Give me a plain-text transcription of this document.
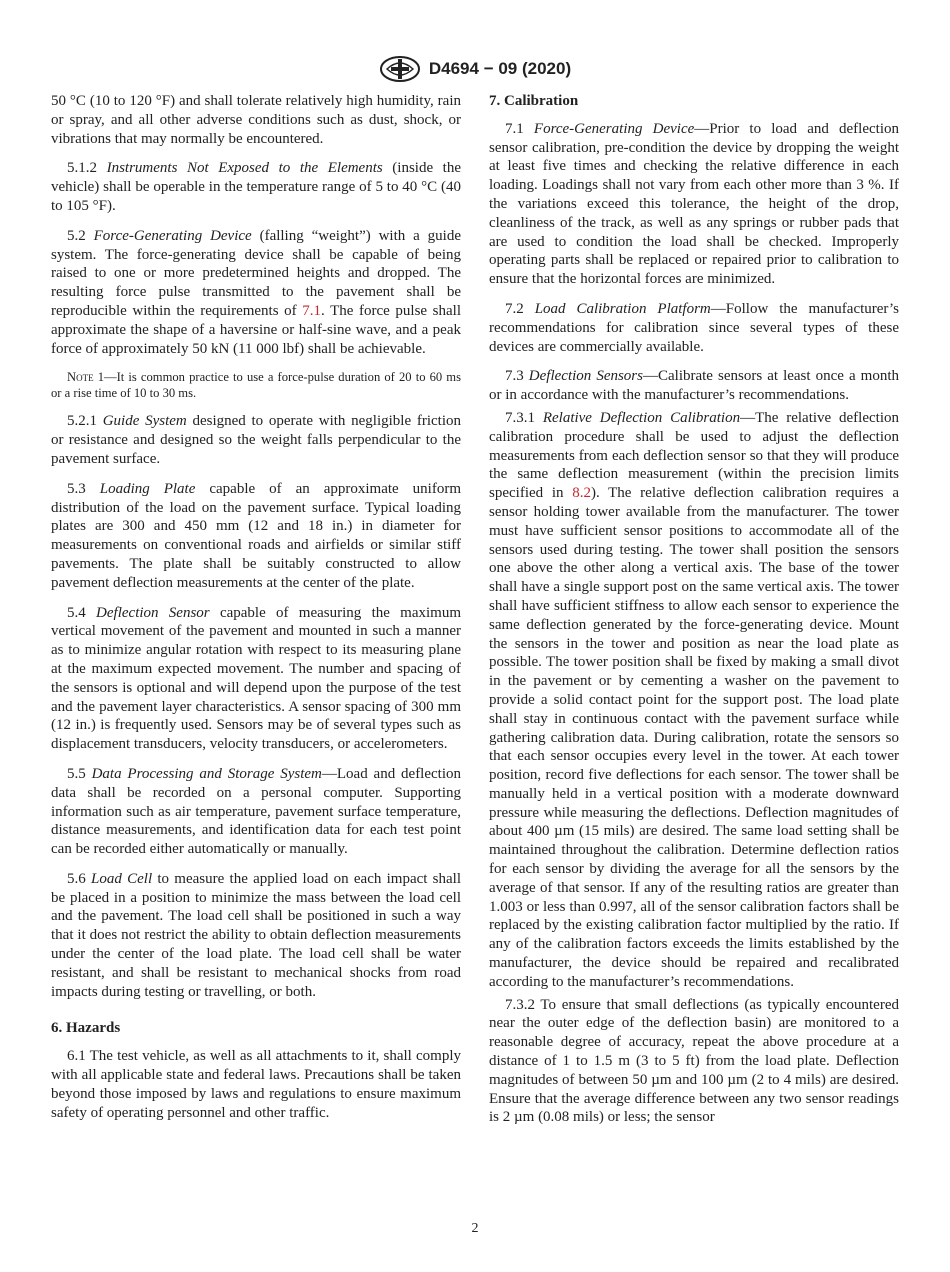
D4694 − 09 (2020)

50 °C (10 to 120 °F) and shall tolerate relatively high humidity, rain or spray, and all other adverse conditions such as dust, shock, or vibrations that may normally be encountered.

5.1.2 Instruments Not Exposed to the Elements (inside the vehicle) shall be operable in the temperature range of 5 to 40 °C (40 to 105 °F).

5.2 Force-Generating Device (falling “weight”) with a guide system. The force-generating device shall be capable of being raised to one or more predetermined heights and dropped. The resulting force pulse transmitted to the pavement shall be reproducible within the requirements of 7.1. The force pulse shall approximate the shape of a haversine or half-sine wave, and a peak force of approximately 50 kN (11 000 lbf) shall be achievable.

Note 1—It is common practice to use a force-pulse duration of 20 to 60 ms or a rise time of 10 to 30 ms.

5.2.1 Guide System designed to operate with negligible friction or resistance and designed so the weight falls perpendicular to the pavement surface.

5.3 Loading Plate capable of an approximate uniform distribution of the load on the pavement surface. Typical loading plates are 300 and 450 mm (12 and 18 in.) in diameter for measurements on conventional roads and airfields or similar stiff pavements. The plate shall be suitably constructed to allow pavement deflection measurements at the center of the plate.

5.4 Deflection Sensor capable of measuring the maximum vertical movement of the pavement and mounted in such a manner as to minimize angular rotation with respect to its measuring plane at the maximum expected movement. The number and spacing of the sensors is optional and will depend upon the purpose of the test and the pavement layer characteristics. A sensor spacing of 300 mm (12 in.) is frequently used. Sensors may be of several types such as displacement transducers, velocity transducers, or accelerometers.

5.5 Data Processing and Storage System—Load and deflection data shall be recorded on a personal computer. Supporting information such as air temperature, pavement surface temperature, distance measurements, and identification data for each test point can be recorded either automatically or manually.

5.6 Load Cell to measure the applied load on each impact shall be placed in a position to minimize the mass between the load cell and the pavement. The load cell shall be positioned in such a way that it does not restrict the ability to obtain deflection measurements under the center of the load plate. The load cell shall be water resistant, and shall be resistant to mechanical shocks from road impacts during testing or travelling, or both.

6. Hazards

6.1 The test vehicle, as well as all attachments to it, shall comply with all applicable state and federal laws. Precautions shall be taken beyond those imposed by laws and regulations to ensure maximum safety of operating personnel and other traffic.

7. Calibration

7.1 Force-Generating Device—Prior to load and deflection sensor calibration, pre-condition the device by dropping the weight at least five times and checking the relative difference in each loading. Loadings shall not vary from each other more than 3 %. If the variations exceed this tolerance, the height of the drop, cleanliness of the track, as well as any springs or rubber pads that are used to condition the load shall be checked. Improperly operating parts shall be replaced or repaired prior to calibration to ensure that the horizontal forces are minimized.

7.2 Load Calibration Platform—Follow the manufacturer’s recommendations for calibration since several types of these devices are commercially available.

7.3 Deflection Sensors—Calibrate sensors at least once a month or in accordance with the manufacturer’s recommendations.

7.3.1 Relative Deflection Calibration—The relative deflection calibration procedure shall be used to adjust the deflection measurements from each deflection sensor so that they will produce the same deflection measurement (within the precision limits specified in 8.2). The relative deflection calibration requires a sensor holding tower available from the manufacturer. The tower must have sufficient sensor positions to accommodate all of the sensors used during testing. The tower shall position the sensors one above the other along a vertical axis. The base of the tower shall have a single support post on the same vertical axis. The tower shall have sufficient stiffness to allow each sensor to experience the same deflection generated by the force-generating device. Mount the sensors in the tower and position as near the load plate as possible. The tower position shall be fixed by making a small divot in the pavement or by cementing a washer on the pavement to provide a solid contact point for the support post. The load plate shall stay in continuous contact with the pavement surface while gathering calibration data. During calibration, rotate the sensors so that each sensor occupies every level in the tower. At each tower position, record five deflections for each sensor. The tower shall be manually held in a vertical position with a moderate downward pressure while measuring the deflections. Deflection magnitudes of about 400 µm (15 mils) are desired. The same load setting shall be maintained throughout the calibration. Determine deflection ratios for each sensor by dividing the average for all the sensors by the average of that sensor. If any of the resulting ratios are greater than 1.003 or less than 0.997, all of the sensor calibration factors shall be replaced by the existing calibration factor multiplied by the ratio. If any of the calibration factors exceeds the limits established by the manufacturer, the device should be repaired and recalibrated according to the manufacturer’s recommendations.

7.3.2 To ensure that small deflections (as typically encountered near the outer edge of the deflection basin) are monitored to a reasonable degree of accuracy, repeat the above procedure at a distance of 1 to 1.5 m (3 to 5 ft) from the load plate. Deflection magnitudes of between 50 µm and 100 µm (2 to 4 mils) are desired. Ensure that the average difference between any two sensor readings is 2 µm (0.08 mils) or less; the sensor

2
